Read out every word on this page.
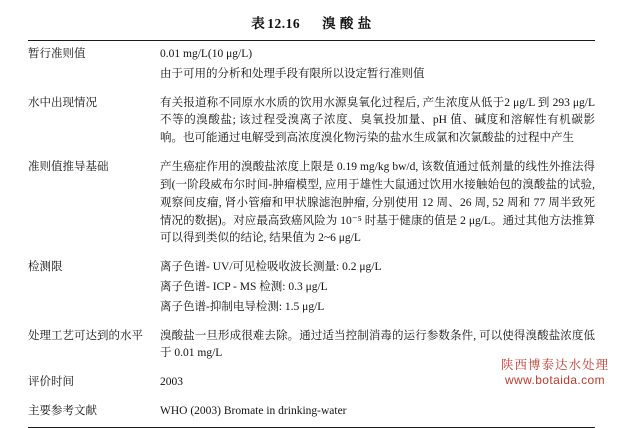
表 12.16 溴 酸 盐
暂行准则值	0.01 mg/L(10 μg/L)
由于可用的分析和处理手段有限所以设定暂行准则值

水中出现情况	有关报道称不同原水水质的饮用水源臭氧化过程后, 产生浓度从低于2 μg/L 到 293 μg/L 不等的溴酸盐; 该过程受溴离子浓度、臭氧投加量、pH 值、碱度和溶解性有机碳影响。也可能通过电解受到高浓度溴化物污染的盐水生成氯和次氯酸盐的过程中产生

准则值推导基础	产生癌症作用的溴酸盐浓度上限是 0.19 mg/kg bw/d, 该数值通过低剂量的线性外推法得到(一阶段威布尔时间-肿瘤模型, 应用于雄性大鼠通过饮用水接触始包的溴酸盐的试验, 观察间皮瘤, 肾小管瘤和甲状腺滤泡肿瘤, 分别使用 12 周、26 周, 52 周和 77 周半致死情况的数据)。对应最高致癌风险为 10⁻⁵ 时基于健康的值是 2 μg/L。通过其他方法推算可以得到类似的结论, 结果值为 2~6 μg/L

检测限	离子色谱- UV/可见检吸收波长测量: 0.2 μg/L
离子色谱- ICP - MS 检测: 0.3 μg/L
离子色谱-抑制电导检测: 1.5 μg/L

处理工艺可达到的水平	溴酸盐一旦形成很难去除。通过适当控制消毒的运行参数条件, 可以使得溴酸盐浓度低于 0.01 mg/L

评价时间	2003

主要参考文献	WHO (2003) Bromate in drinking-water
陕西博泰达水处理
www.botaida.com
